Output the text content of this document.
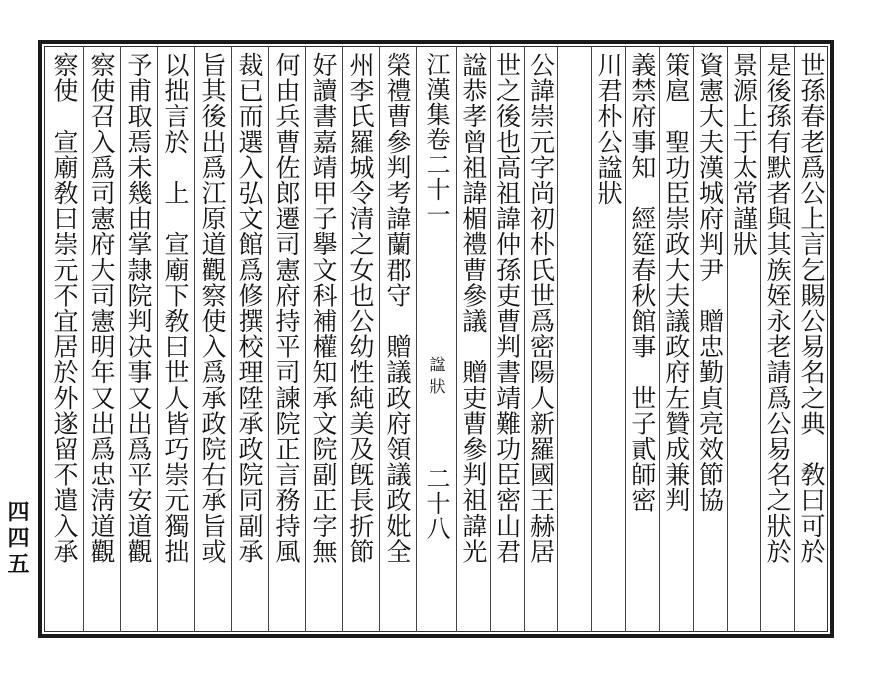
世孫春老爲公上言乞賜公易名之典　敎曰可於
是後孫有默者與其族姪永老請爲公易名之狀於
景源上于太常謹狀
資憲大夫漢城府判尹　贈忠勤貞亮效節協
策扈　聖功臣崇政大夫議政府左贊成兼判
義禁府事知　經筵春秋館事　世子貳師密
川君朴公諡狀
公諱崇元字尚初朴氏世爲密陽人新羅國王赫居
世之後也高祖諱仲孫吏曹判書靖難功臣密山君
諡恭孝曾祖諱楣禮曹參議　贈吏曹參判祖諱光
江漢集卷二十一
諡狀
二十八
榮禮曹參判考諱蘭郡守　贈議政府領議政妣全
州李氏羅城令清之女也公幼性純美及旣長折節
好讀書嘉靖甲子擧文科補權知承文院副正字無
何由兵曹佐郎遷司憲府持平司諫院正言務持風
裁已而選入弘文館爲修撰校理陞承政院同副承
旨其後出爲江原道觀察使入爲承政院右承旨或
以拙言於　上　宣廟下敎曰世人皆巧崇元獨拙
予甫取焉未幾由掌隷院判决事又出爲平安道觀
察使召入爲司憲府大司憲明年又出爲忠淸道觀
察使　宣廟敎曰崇元不宜居於外遂留不遣入承
四四五
